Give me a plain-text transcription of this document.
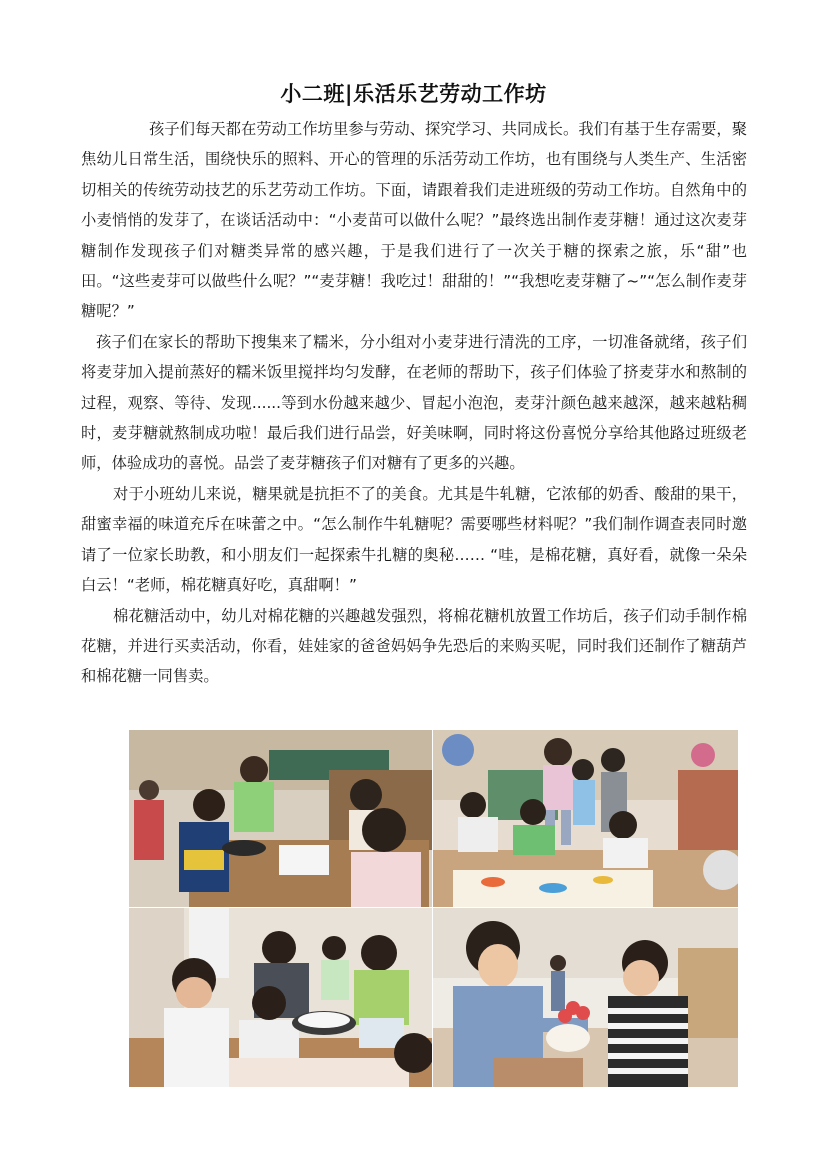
小二班|乐活乐艺劳动工作坊

孩子们每天都在劳动工作坊里参与劳动、探究学习、共同成长。我们有基于生存需要，聚焦幼儿日常生活，围绕快乐的照料、开心的管理的乐活劳动工作坊，也有围绕与人类生产、生活密切相关的传统劳动技艺的乐艺劳动工作坊。下面，请跟着我们走进班级的劳动工作坊。自然角中的小麦悄悄的发芽了，在谈话活动中：“小麦苗可以做什么呢？”最终选出制作麦芽糖！通过这次麦芽糖制作发现孩子们对糖类异常的感兴趣，于是我们进行了一次关于糖的探索之旅，乐“甜”也田。“这些麦芽可以做些什么呢？”“麦芽糖！我吃过！甜甜的！”“我想吃麦芽糖了~”“怎么制作麦芽糖呢？”

孩子们在家长的帮助下搜集来了糯米，分小组对小麦芽进行清洗的工序，一切准备就绪，孩子们将麦芽加入提前蒸好的糯米饭里搅拌均匀发酵，在老师的帮助下，孩子们体验了挤麦芽水和熬制的过程，观察、等待、发现......等到水份越来越少、冒起小泡泡，麦芽汁颜色越来越深，越来越粘稠时，麦芽糖就熬制成功啦！最后我们进行品尝，好美味啊，同时将这份喜悦分享给其他路过班级老师，体验成功的喜悦。品尝了麦芽糖孩子们对糖有了更多的兴趣。

对于小班幼儿来说，糖果就是抗拒不了的美食。尤其是牛轧糖，它浓郁的奶香、酸甜的果干，甜蜜幸福的味道充斥在味蕾之中。“怎么制作牛轧糖呢？需要哪些材料呢？”我们制作调查表同时邀请了一位家长助教，和小朋友们一起探索牛扎糖的奥秘…… “哇，是棉花糖，真好看，就像一朵朵白云！“老师，棉花糖真好吃，真甜啊！”

棉花糖活动中，幼儿对棉花糖的兴趣越发强烈，将棉花糖机放置工作坊后，孩子们动手制作棉花糖，并进行买卖活动，你看，娃娃家的爸爸妈妈争先恐后的来购买呢，同时我们还制作了糖葫芦和棉花糖一同售卖。
